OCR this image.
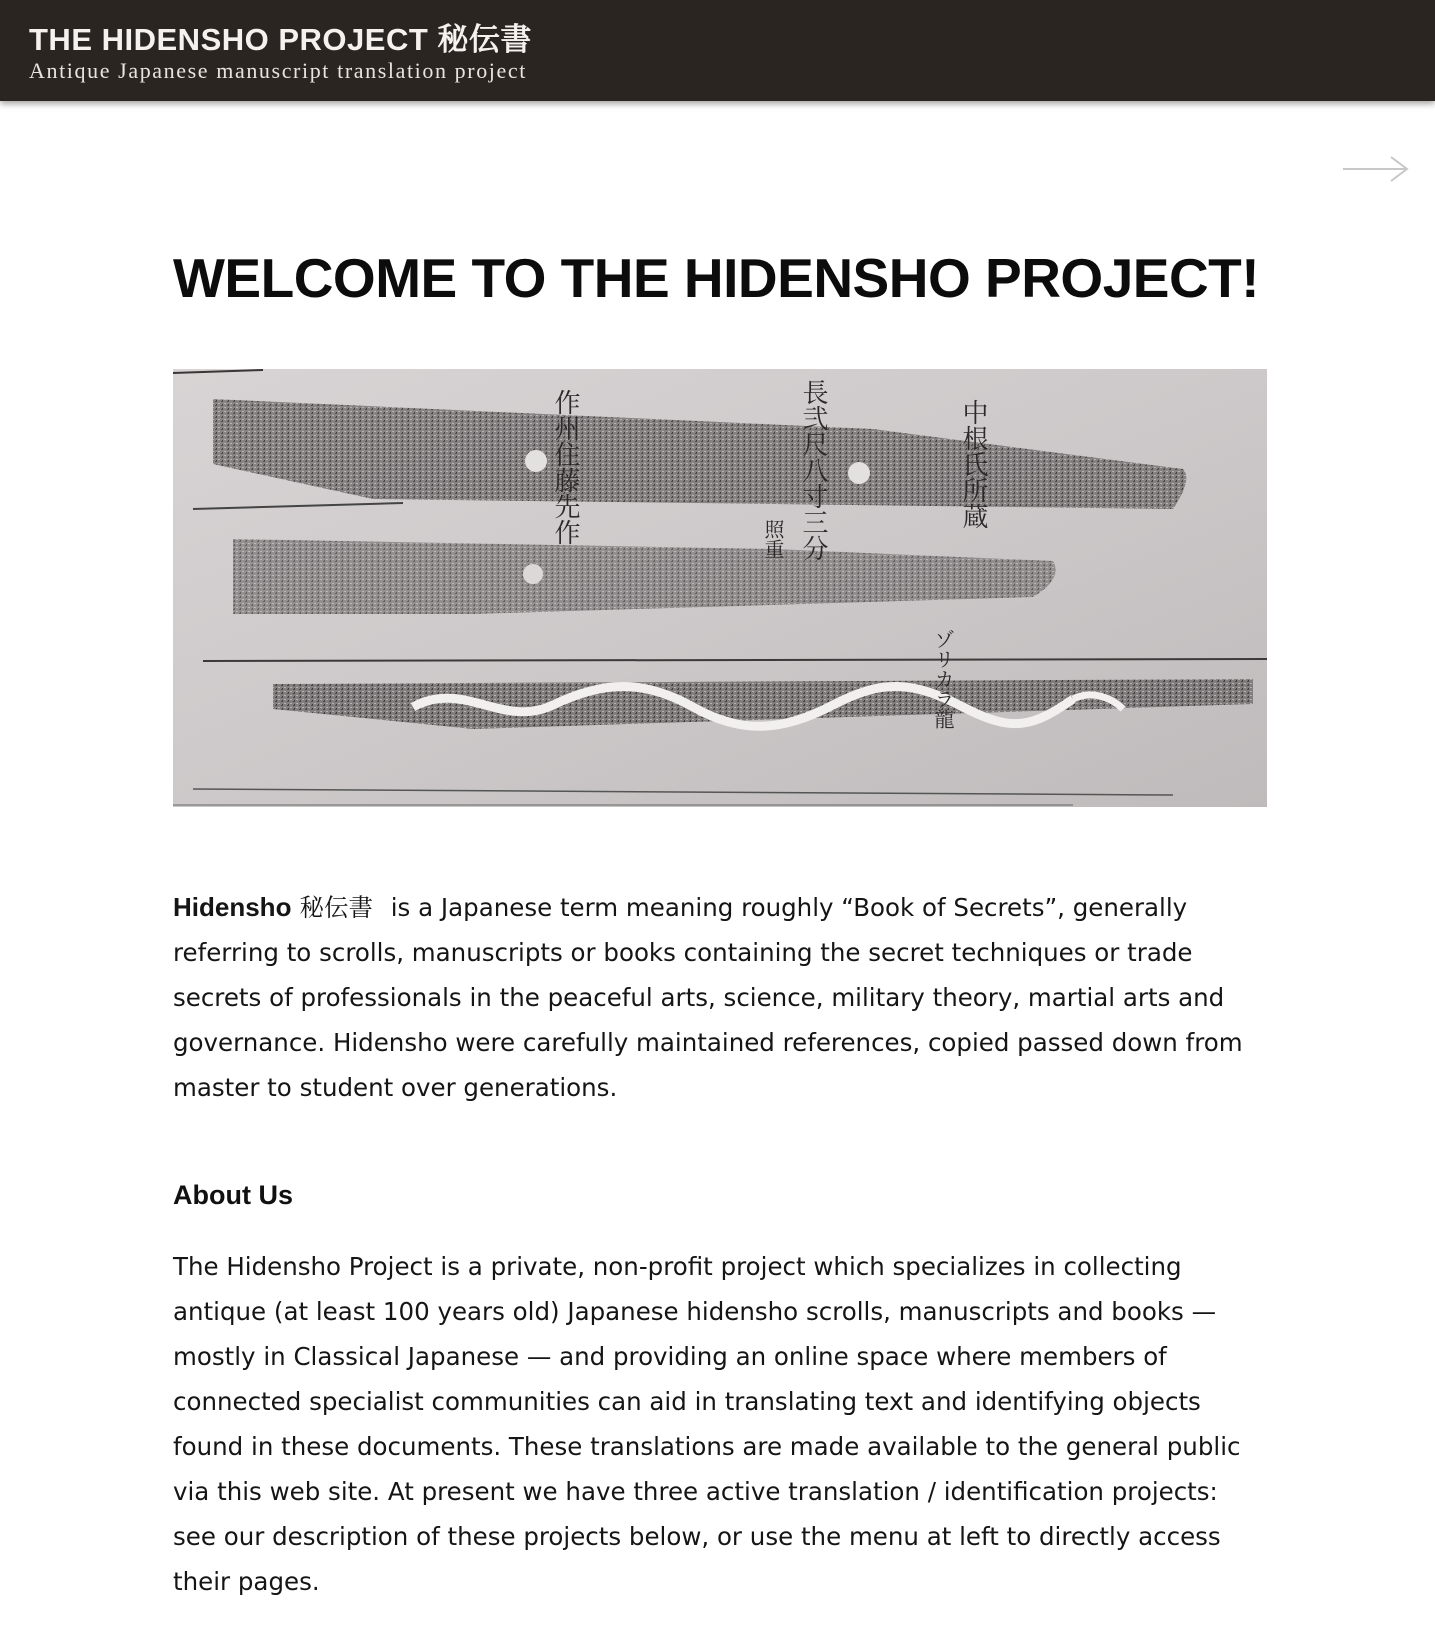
THE HIDENSHO PROJECT 秘伝書
Antique Japanese manuscript translation project
WELCOME TO THE HIDENSHO PROJECT!
作州住藤先作	長弐尺八寸三分	中根氏所蔵
照重
ゾリカラ龍

Hidensho 秘伝書 is a Japanese term meaning roughly “Book of Secrets”, generally referring to scrolls, manuscripts or books containing the secret techniques or trade secrets of professionals in the peaceful arts, science, military theory, martial arts and governance. Hidensho were carefully maintained references, copied passed down from master to student over generations.

About Us

The Hidensho Project is a private, non-profit project which specializes in collecting antique (at least 100 years old) Japanese hidensho scrolls, manuscripts and books — mostly in Classical Japanese — and providing an online space where members of connected specialist communities can aid in translating text and identifying objects found in these documents. These translations are made available to the general public via this web site. At present we have three active translation / identification projects: see our description of these projects below, or use the menu at left to directly access their pages.
